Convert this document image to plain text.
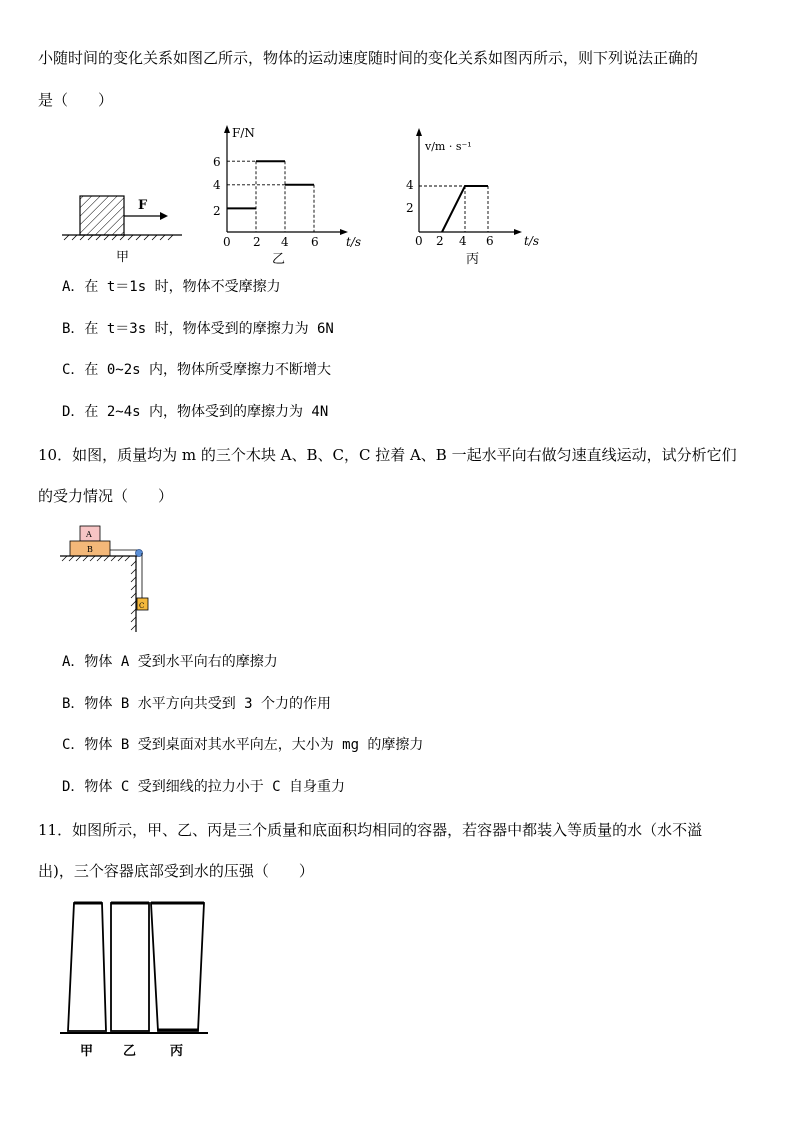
小随时间的变化关系如图乙所示，物体的运动速度随时间的变化关系如图丙所示，则下列说法正确的
是（　　）
F
甲
F/N
t/s
0 2 4 6
2
4
6
乙
v/m · s⁻¹
t/s
0 2 4 6
2
4
丙
A．在 t＝1s 时，物体不受摩擦力
B．在 t＝3s 时，物体受到的摩擦力为 6N
C．在 0~2s 内，物体所受摩擦力不断增大
D．在 2~4s 内，物体受到的摩擦力为 4N
10．如图，质量均为 m 的三个木块 A、B、C，C 拉着 A、B 一起水平向右做匀速直线运动，试分析它们
的受力情况（　　）
A
B
C
A．物体 A 受到水平向右的摩擦力
B．物体 B 水平方向共受到 3 个力的作用
C．物体 B 受到桌面对其水平向左，大小为 mg 的摩擦力
D．物体 C 受到细线的拉力小于 C 自身重力
11．如图所示，甲、乙、丙是三个质量和底面积均相同的容器，若容器中都装入等质量的水（水不溢
出)，三个容器底部受到水的压强（　　）
甲 乙	丙
